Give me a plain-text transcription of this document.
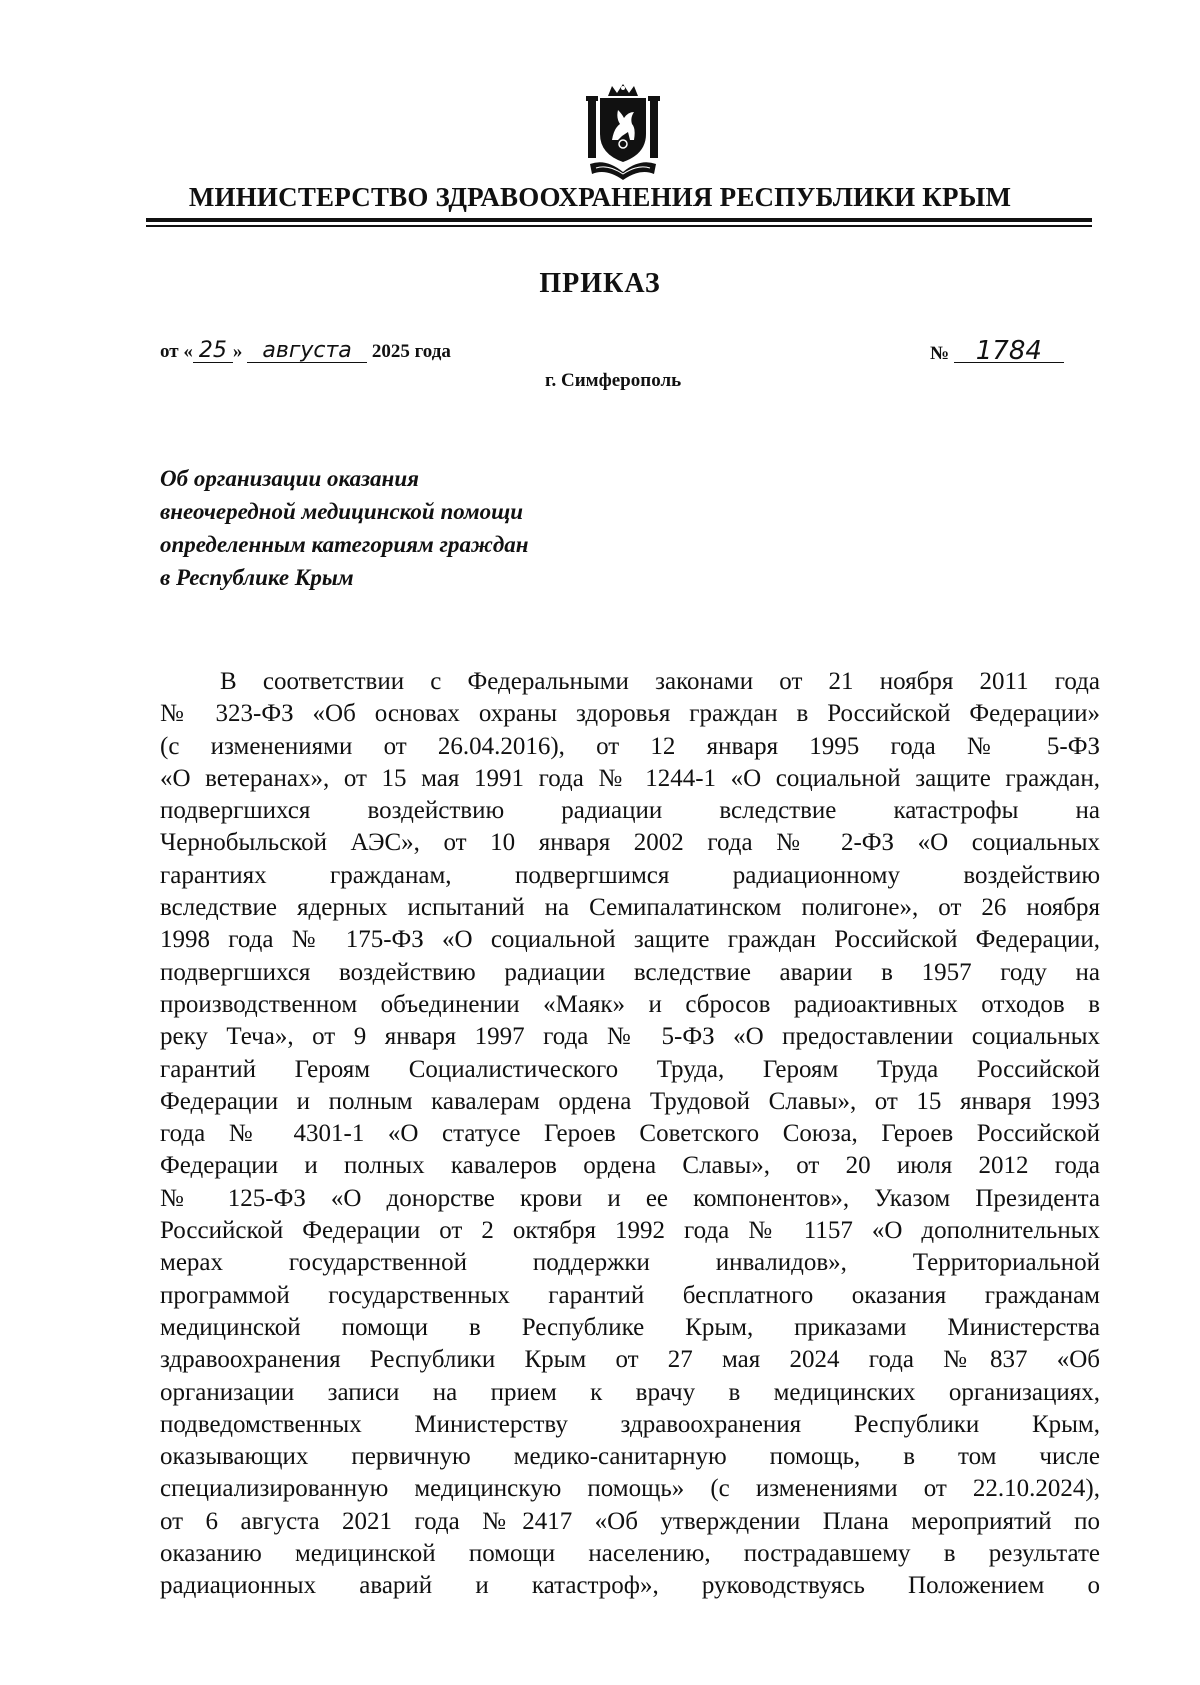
МИНИСТЕРСТВО ЗДРАВООХРАНЕНИЯ РЕСПУБЛИКИ КРЫМ
ПРИКАЗ
от « 25 » августа 2025 года	№ 1784
г. Симферополь
Об организации оказания
внеочередной медицинской помощи
определенным категориям граждан
в Республике Крым
В соответствии с Федеральными законами от 21 ноября 2011 года
№ 323-ФЗ «Об основах охраны здоровья граждан в Российской Федерации»
(с изменениями от 26.04.2016), от 12 января 1995 года № 5-ФЗ
«О ветеранах», от 15 мая 1991 года № 1244-1 «О социальной защите граждан,
подвергшихся воздействию радиации вследствие катастрофы на
Чернобыльской АЭС», от 10 января 2002 года № 2-ФЗ «О социальных
гарантиях гражданам, подвергшимся радиационному воздействию
вследствие ядерных испытаний на Семипалатинском полигоне», от 26 ноября
1998 года № 175-ФЗ «О социальной защите граждан Российской Федерации,
подвергшихся воздействию радиации вследствие аварии в 1957 году на
производственном объединении «Маяк» и сбросов радиоактивных отходов в
реку Теча», от 9 января 1997 года № 5-ФЗ «О предоставлении социальных
гарантий Героям Социалистического Труда, Героям Труда Российской
Федерации и полным кавалерам ордена Трудовой Славы», от 15 января 1993
года № 4301-1 «О статусе Героев Советского Союза, Героев Российской
Федерации и полных кавалеров ордена Славы», от 20 июля 2012 года
№ 125-ФЗ «О донорстве крови и ее компонентов», Указом Президента
Российской Федерации от 2 октября 1992 года № 1157 «О дополнительных
мерах государственной поддержки инвалидов», Территориальной
программой государственных гарантий бесплатного оказания гражданам
медицинской помощи в Республике Крым, приказами Министерства
здравоохранения Республики Крым от 27 мая 2024 года №837 «Об
организации записи на прием к врачу в медицинских организациях,
подведомственных Министерству здравоохранения Республики Крым,
оказывающих первичную медико-санитарную помощь, в том числе
специализированную медицинскую помощь» (с изменениями от 22.10.2024),
от 6 августа 2021 года №2417 «Об утверждении Плана мероприятий по
оказанию медицинской помощи населению, пострадавшему в результате
радиационных аварий и катастроф», руководствуясь Положением о
